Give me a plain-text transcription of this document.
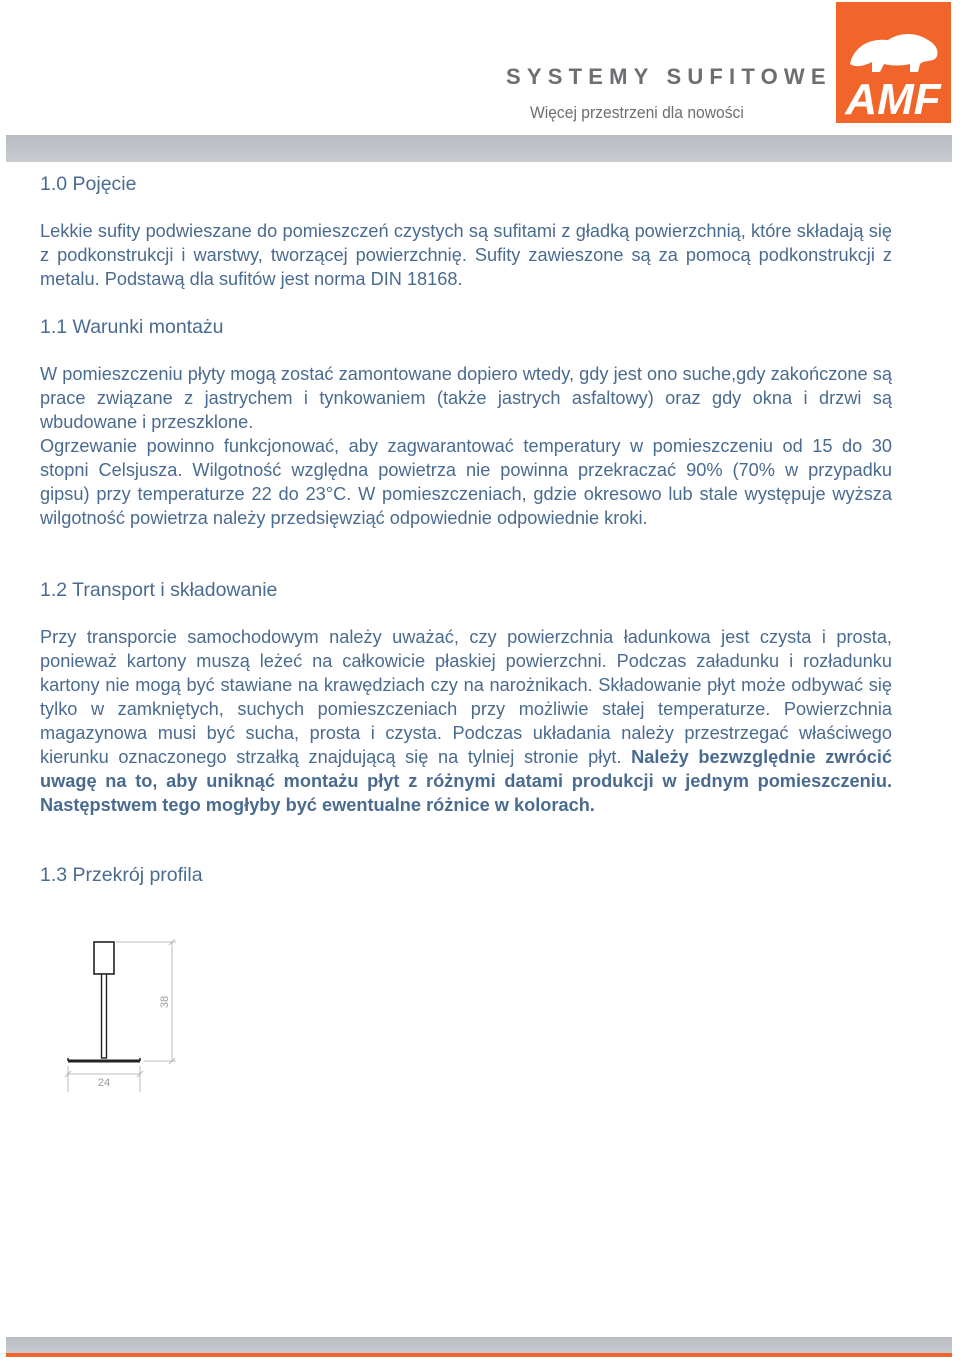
SYSTEMY SUFITOWE
Więcej przestrzeni dla nowości AMF
1.0 Pojęcie

Lekkie sufity podwieszane do pomieszczeń czystych są sufitami z gładką powierzchnią, które składają się z podkonstrukcji i warstwy, tworzącej powierzchnię. Sufity zawieszone są za pomocą podkonstrukcji z metalu. Podstawą dla sufitów jest norma DIN 18168.

1.1 Warunki montażu

W pomieszczeniu płyty mogą zostać zamontowane dopiero wtedy, gdy jest ono suche,gdy zakończone są prace związane z jastrychem i tynkowaniem (także jastrych asfaltowy) oraz gdy okna i drzwi są wbudowane i przeszklone.

Ogrzewanie powinno funkcjonować, aby zagwarantować temperatury w pomieszczeniu od 15 do 30 stopni Celsjusza. Wilgotność względna powietrza nie powinna przekraczać 90% (70% w przypadku gipsu) przy temperaturze 22 do 23°C. W pomieszczeniach, gdzie okresowo lub stale występuje wyższa wilgotność powietrza należy przedsięwziąć odpowiednie odpowiednie kroki.

1.2 Transport i składowanie

Przy transporcie samochodowym należy uważać, czy powierzchnia ładunkowa jest czysta i prosta, ponieważ kartony muszą leżeć na całkowicie płaskiej powierzchni. Podczas załadunku i rozładunku kartony nie mogą być stawiane na krawędziach czy na narożnikach. Składowanie płyt może odbywać się tylko w zamkniętych, suchych pomieszczeniach przy możliwie stałej temperaturze. Powierzchnia magazynowa musi być sucha, prosta i czysta. Podczas układania należy przestrzegać właściwego kierunku oznaczonego strzałką znajdującą się na tylniej stronie płyt. Należy bezwzględnie zwrócić uwagę na to, aby uniknąć montażu płyt z różnymi datami produkcji w jednym pomieszczeniu. Następstwem tego mogłyby być ewentualne różnice w kolorach.

1.3 Przekrój profila
38
24
